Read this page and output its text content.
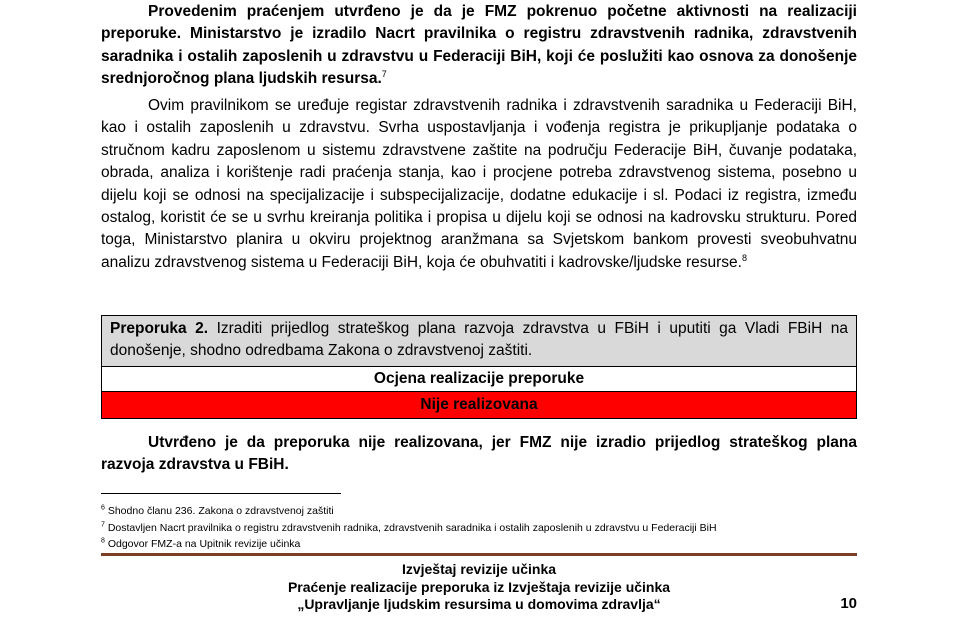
Provedenim praćenjem utvrđeno je da je FMZ pokrenuo početne aktivnosti na realizaciji preporuke. Ministarstvo je izradilo Nacrt pravilnika o registru zdravstvenih radnika, zdravstvenih saradnika i ostalih zaposlenih u zdravstvu u Federaciji BiH, koji će poslužiti kao osnova za donošenje srednjoročnog plana ljudskih resursa.$^7$

Ovim pravilnikom se uređuje registar zdravstvenih radnika i zdravstvenih saradnika u Federaciji BiH, kao i ostalih zaposlenih u zdravstvu. Svrha uspostavljanja i vođenja registra je prikupljanje podataka o stručnom kadru zaposlenom u sistemu zdravstvene zaštite na području Federacije BiH, čuvanje podataka, obrada, analiza i korištenje radi praćenja stanja, kao i procjene potreba zdravstvenog sistema, posebno u dijelu koji se odnosi na specijalizacije i subspecijalizacije, dodatne edukacije i sl. Podaci iz registra, između ostalog, koristit će se u svrhu kreiranja politika i propisa u dijelu koji se odnosi na kadrovsku strukturu. Pored toga, Ministarstvo planira u okviru projektnog aranžmana sa Svjetskom bankom provesti sveobuhvatnu analizu zdravstvenog sistema u Federaciji BiH, koja će obuhvatiti i kadrovske/ljudske resurse.$^8$

Preporuka 2. Izraditi prijedlog strateškog plana razvoja zdravstva u FBiH i uputiti ga Vladi FBiH na donošenje, shodno odredbama Zakona o zdravstvenoj zaštiti.
Ocjena realizacije preporuke
Nije realizovana

Utvrđeno je da preporuka nije realizovana, jer FMZ nije izradio prijedlog strateškog plana razvoja zdravstva u FBiH.

$^6$ Shodno članu 236. Zakona o zdravstvenoj zaštiti
$^7$ Dostavljen Nacrt pravilnika o registru zdravstvenih radnika, zdravstvenih saradnika i ostalih zaposlenih u zdravstvu u Federaciji BiH
$^8$ Odgovor FMZ-a na Upitnik revizije učinka
Izvještaj revizije učinka
Praćenje realizacije preporuka iz Izvještaja revizije učinka
„Upravljanje ljudskim resursima u domovima zdravlja“	10
